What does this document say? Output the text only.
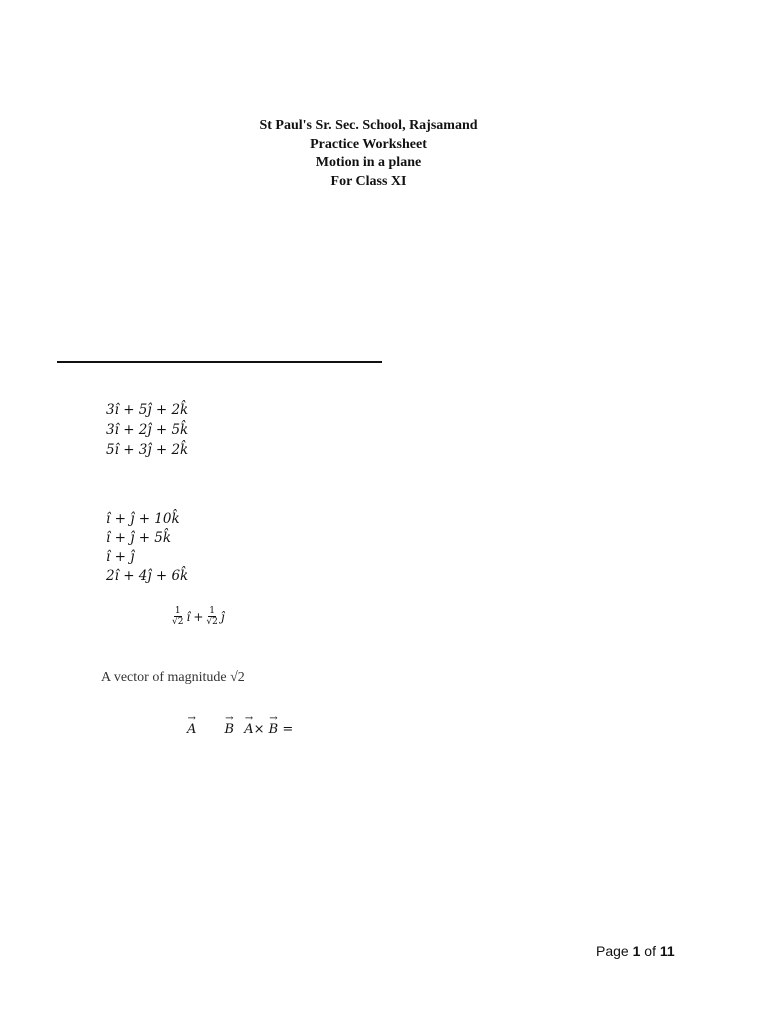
St Paul's Sr. Sec. School, Rajsamand
Practice Worksheet
Motion in a plane
For Class XI
3î + 5ĵ + 2k̂
3î + 2ĵ + 5k̂
5î + 3ĵ + 2k̂
î + ĵ + 10k̂
î + ĵ + 5k̂
î + ĵ
2î + 4ĵ + 6k̂
$\frac{1}{√2}$ î + $\frac{1}{√2}$ ĵ
A vector of magnitude √2
→ A → B → A× → B =
Page 1 of 11
